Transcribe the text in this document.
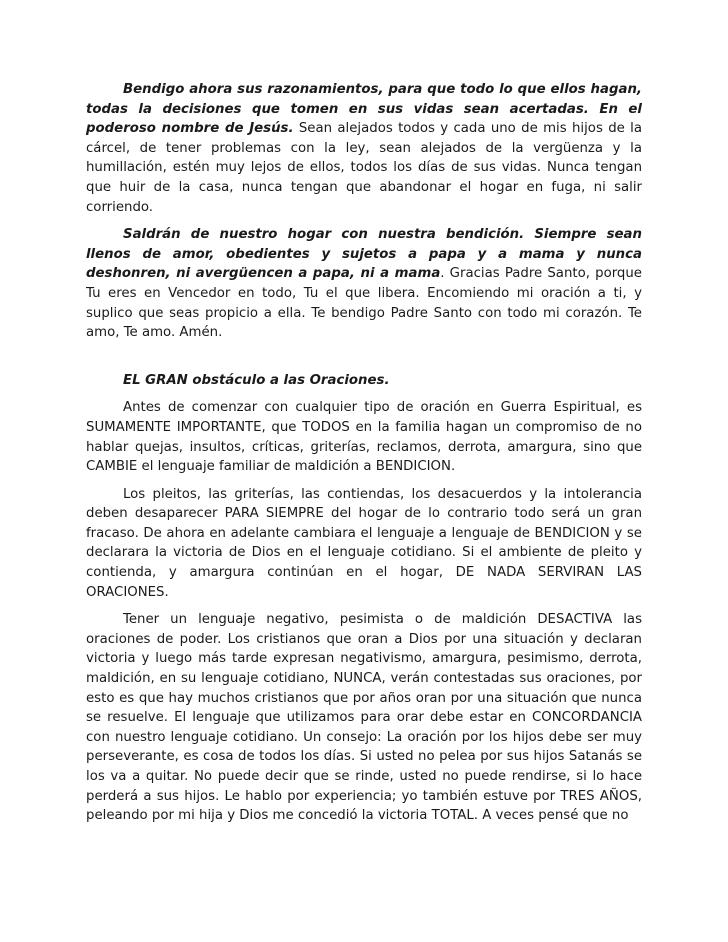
Bendigo ahora sus razonamientos, para que todo lo que ellos hagan, todas la decisiones que tomen en sus vidas sean acertadas. En el poderoso nombre de Jesús. Sean alejados todos y cada uno de mis hijos de la cárcel, de tener problemas con la ley, sean alejados de la vergüenza y la humillación, estén muy lejos de ellos, todos los días de sus vidas. Nunca tengan que huir de la casa, nunca tengan que abandonar el hogar en fuga, ni salir corriendo.

Saldrán de nuestro hogar con nuestra bendición. Siempre sean llenos de amor, obedientes y sujetos a papa y a mama y nunca deshonren, ni avergüencen a papa, ni a mama. Gracias Padre Santo, porque Tu eres en Vencedor en todo, Tu el que libera. Encomiendo mi oración a ti, y suplico que seas propicio a ella. Te bendigo Padre Santo con todo mi corazón. Te amo, Te amo. Amén.

EL GRAN obstáculo a las Oraciones.

Antes de comenzar con cualquier tipo de oración en Guerra Espiritual, es SUMAMENTE IMPORTANTE, que TODOS en la familia hagan un compromiso de no hablar quejas, insultos, críticas, griterías, reclamos, derrota, amargura, sino que CAMBIE el lenguaje familiar de maldición a BENDICION.

Los pleitos, las griterías, las contiendas, los desacuerdos y la intolerancia deben desaparecer PARA SIEMPRE del hogar de lo contrario todo será un gran fracaso. De ahora en adelante cambiara el lenguaje a lenguaje de BENDICION y se declarara la victoria de Dios en el lenguaje cotidiano. Si el ambiente de pleito y contienda, y amargura continúan en el hogar, DE NADA SERVIRAN LAS ORACIONES.

Tener un lenguaje negativo, pesimista o de maldición DESACTIVA las oraciones de poder. Los cristianos que oran a Dios por una situación y declaran victoria y luego más tarde expresan negativismo, amargura, pesimismo, derrota, maldición, en su lenguaje cotidiano, NUNCA, verán contestadas sus oraciones, por esto es que hay muchos cristianos que por años oran por una situación que nunca se resuelve. El lenguaje que utilizamos para orar debe estar en CONCORDANCIA con nuestro lenguaje cotidiano. Un consejo: La oración por los hijos debe ser muy perseverante, es cosa de todos los días. Si usted no pelea por sus hijos Satanás se los va a quitar. No puede decir que se rinde, usted no puede rendirse, si lo hace perderá a sus hijos. Le hablo por experiencia; yo también estuve por TRES AÑOS, peleando por mi hija y Dios me concedió la victoria TOTAL. A veces pensé que no
